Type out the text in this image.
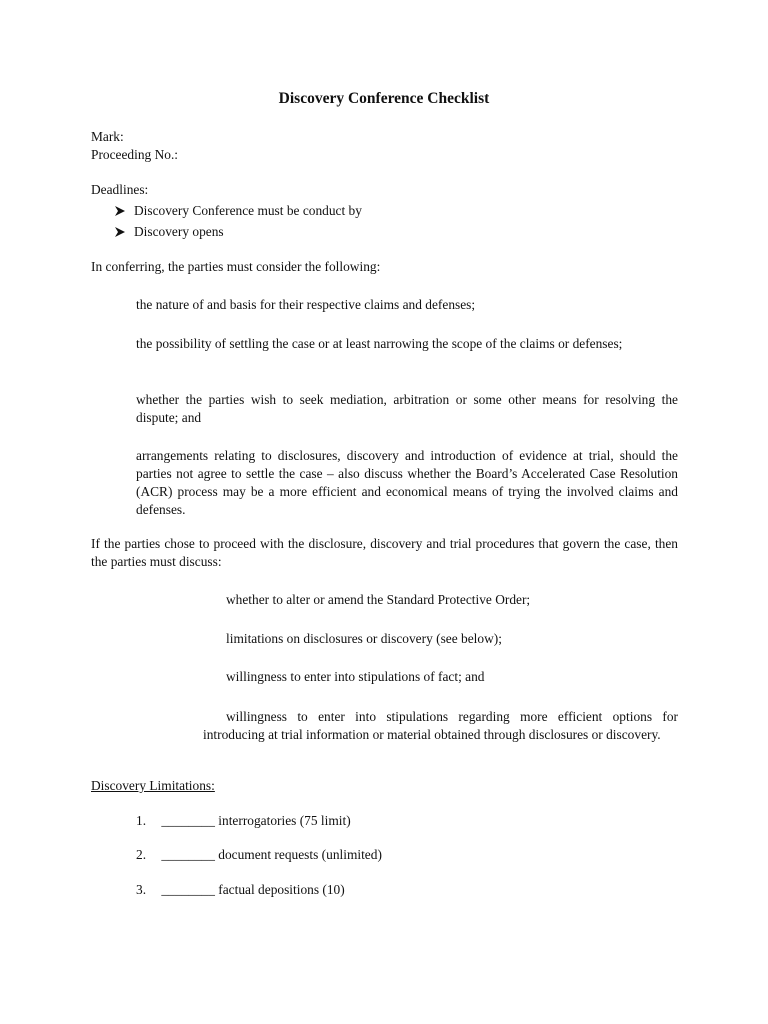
Discovery Conference Checklist
Mark:
Proceeding No.:
Deadlines:
Discovery Conference must be conduct by
Discovery opens
In conferring, the parties must consider the following:
the nature of and basis for their respective claims and defenses;
the possibility of settling the case or at least narrowing the scope of the claims or defenses;
whether the parties wish to seek mediation, arbitration or some other means for resolving the dispute; and
arrangements relating to disclosures, discovery and introduction of evidence at trial, should the parties not agree to settle the case – also discuss whether the Board’s Accelerated Case Resolution (ACR) process may be a more efficient and economical means of trying the involved claims and defenses.
If the parties chose to proceed with the disclosure, discovery and trial procedures that govern the case, then the parties must discuss:
whether to alter or amend the Standard Protective Order;
limitations on disclosures or discovery (see below);
willingness to enter into stipulations of fact; and
willingness to enter into stipulations regarding more efficient options for introducing at trial information or material obtained through disclosures or discovery.
Discovery Limitations:
1. ________ interrogatories (75 limit)
2. ________ document requests (unlimited)
3. ________ factual depositions (10)
